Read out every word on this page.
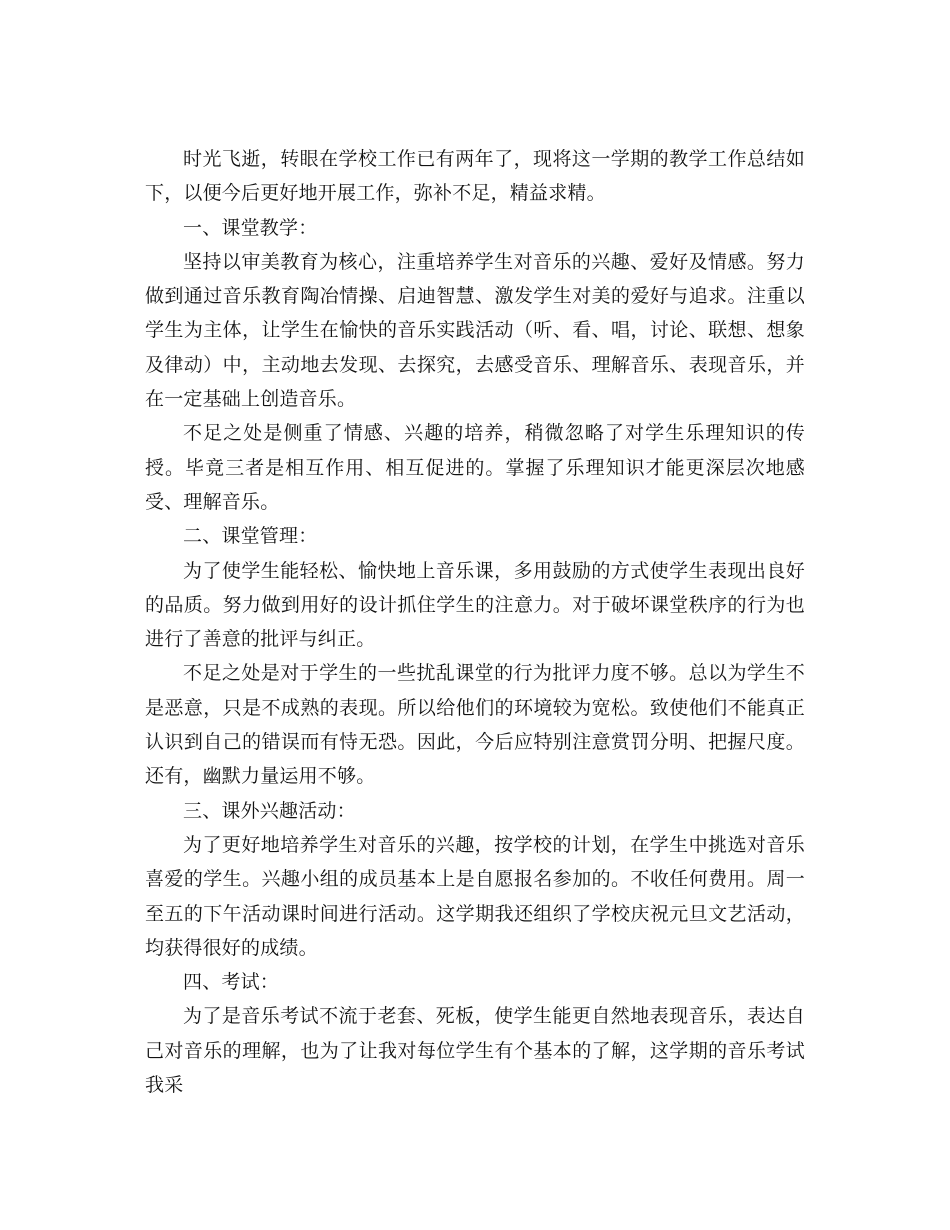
时光飞逝，转眼在学校工作已有两年了，现将这一学期的教学工作总结如下，以便今后更好地开展工作，弥补不足，精益求精。

一、课堂教学：

坚持以审美教育为核心，注重培养学生对音乐的兴趣、爱好及情感。努力做到通过音乐教育陶冶情操、启迪智慧、激发学生对美的爱好与追求。注重以学生为主体，让学生在愉快的音乐实践活动（听、看、唱，讨论、联想、想象及律动）中，主动地去发现、去探究，去感受音乐、理解音乐、表现音乐，并在一定基础上创造音乐。

不足之处是侧重了情感、兴趣的培养，稍微忽略了对学生乐理知识的传授。毕竟三者是相互作用、相互促进的。掌握了乐理知识才能更深层次地感受、理解音乐。

二、课堂管理：

为了使学生能轻松、愉快地上音乐课，多用鼓励的方式使学生表现出良好的品质。努力做到用好的设计抓住学生的注意力。对于破坏课堂秩序的行为也进行了善意的批评与纠正。

不足之处是对于学生的一些扰乱课堂的行为批评力度不够。总以为学生不是恶意，只是不成熟的表现。所以给他们的环境较为宽松。致使他们不能真正认识到自己的错误而有恃无恐。因此，今后应特别注意赏罚分明、把握尺度。还有，幽默力量运用不够。

三、课外兴趣活动：

为了更好地培养学生对音乐的兴趣，按学校的计划，在学生中挑选对音乐喜爱的学生。兴趣小组的成员基本上是自愿报名参加的。不收任何费用。周一至五的下午活动课时间进行活动。这学期我还组织了学校庆祝元旦文艺活动，均获得很好的成绩。

四、考试：

为了是音乐考试不流于老套、死板，使学生能更自然地表现音乐，表达自己对音乐的理解，也为了让我对每位学生有个基本的了解，这学期的音乐考试我采
